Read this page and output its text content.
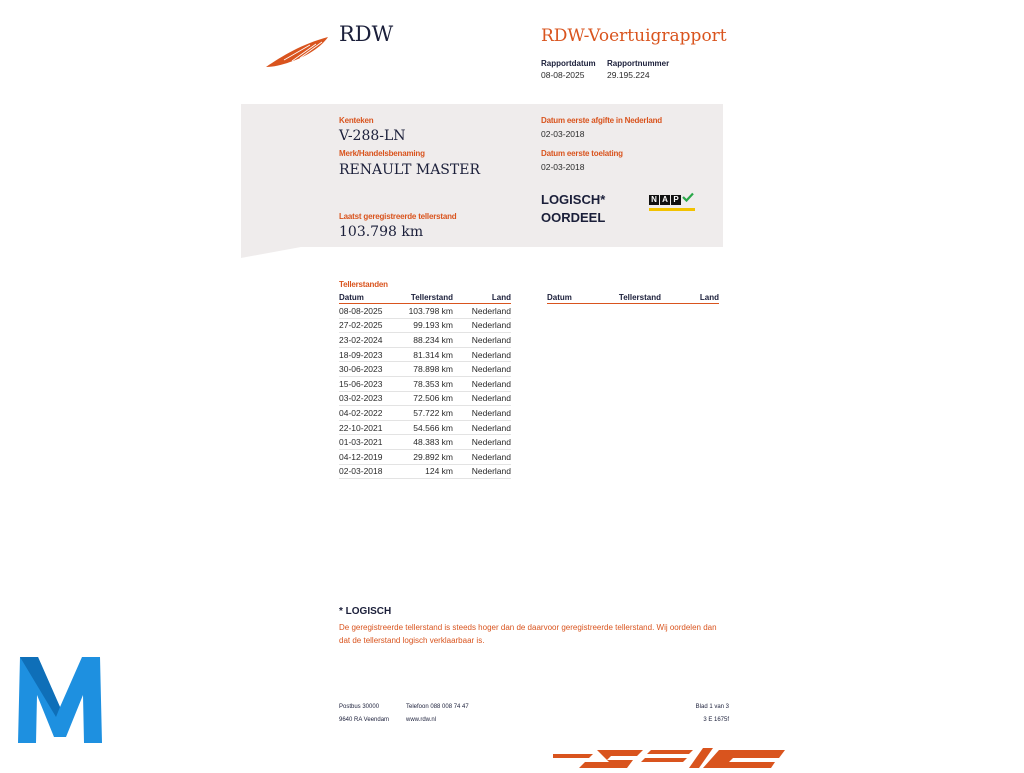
RDW	RDW-Voertuigrapport
Rapportdatum
08-08-2025
Rapportnummer
29.195.224
Kenteken
V-288-LN
Merk/Handelsbenaming
RENAULT MASTER
Laatst geregistreerde tellerstand
103.798 km
Datum eerste afgifte in Nederland
02-03-2018
Datum eerste toelating
02-03-2018
LOGISCH*
OORDEEL
N A P
Tellerstanden
Datum	Tellerstand	Land
08-08-2025	103.798 km	Nederland
27-02-2025	99.193 km	Nederland
23-02-2024	88.234 km	Nederland
18-09-2023	81.314 km	Nederland
30-06-2023	78.898 km	Nederland
15-06-2023	78.353 km	Nederland
03-02-2023	72.506 km	Nederland
04-02-2022	57.722 km	Nederland
22-10-2021	54.566 km	Nederland
01-03-2021	48.383 km	Nederland
04-12-2019	29.892 km	Nederland
02-03-2018	124 km	Nederland
Datum	Tellerstand	Land
* LOGISCH
De geregistreerde tellerstand is steeds hoger dan de daarvoor geregistreerde tellerstand. Wij oordelen dan
dat de tellerstand logisch verklaarbaar is.
Postbus 30000
9640 RA Veendam
Telefoon 088 008 74 47
www.rdw.nl
Blad 1 van 3
3 E 1675f
